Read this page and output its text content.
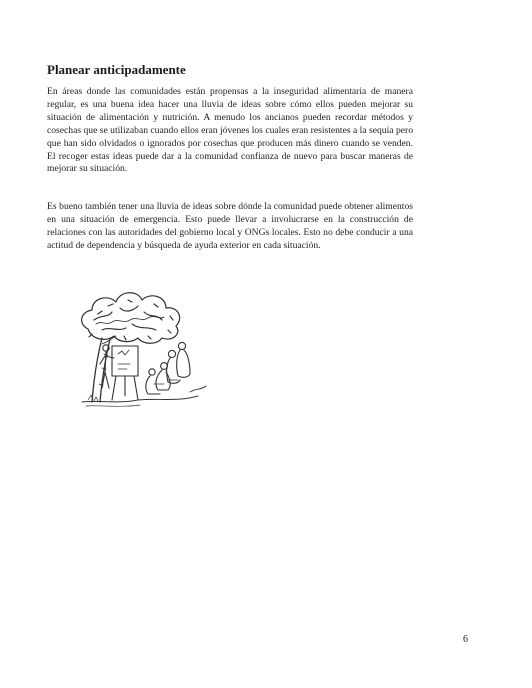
Planear anticipadamente

En áreas donde las comunidades están propensas a la inseguridad alimentaria de manera regular, es una buena idea hacer una lluvia de ideas sobre cómo ellos pueden mejorar su situación de alimentación y nutrición. A menudo los ancianos pueden recordar métodos y cosechas que se utilizaban cuando ellos eran jóvenes los cuales eran resistentes a la sequía pero que han sido olvidados o ignorados por cosechas que producen más dinero cuando se venden. El recoger estas ideas puede dar a la comunidad confianza de nuevo para buscar maneras de mejorar su situación.

Es bueno también tener una lluvia de ideas sobre dónde la comunidad puede obtener alimentos en una situación de emergencia. Esto puede llevar a involucrarse en la construcción de relaciones con las autoridades del gobierno local y ONGs locales. Esto no debe conducir a una actitud de dependencia y búsqueda de ayuda exterior en cada situación.

6
